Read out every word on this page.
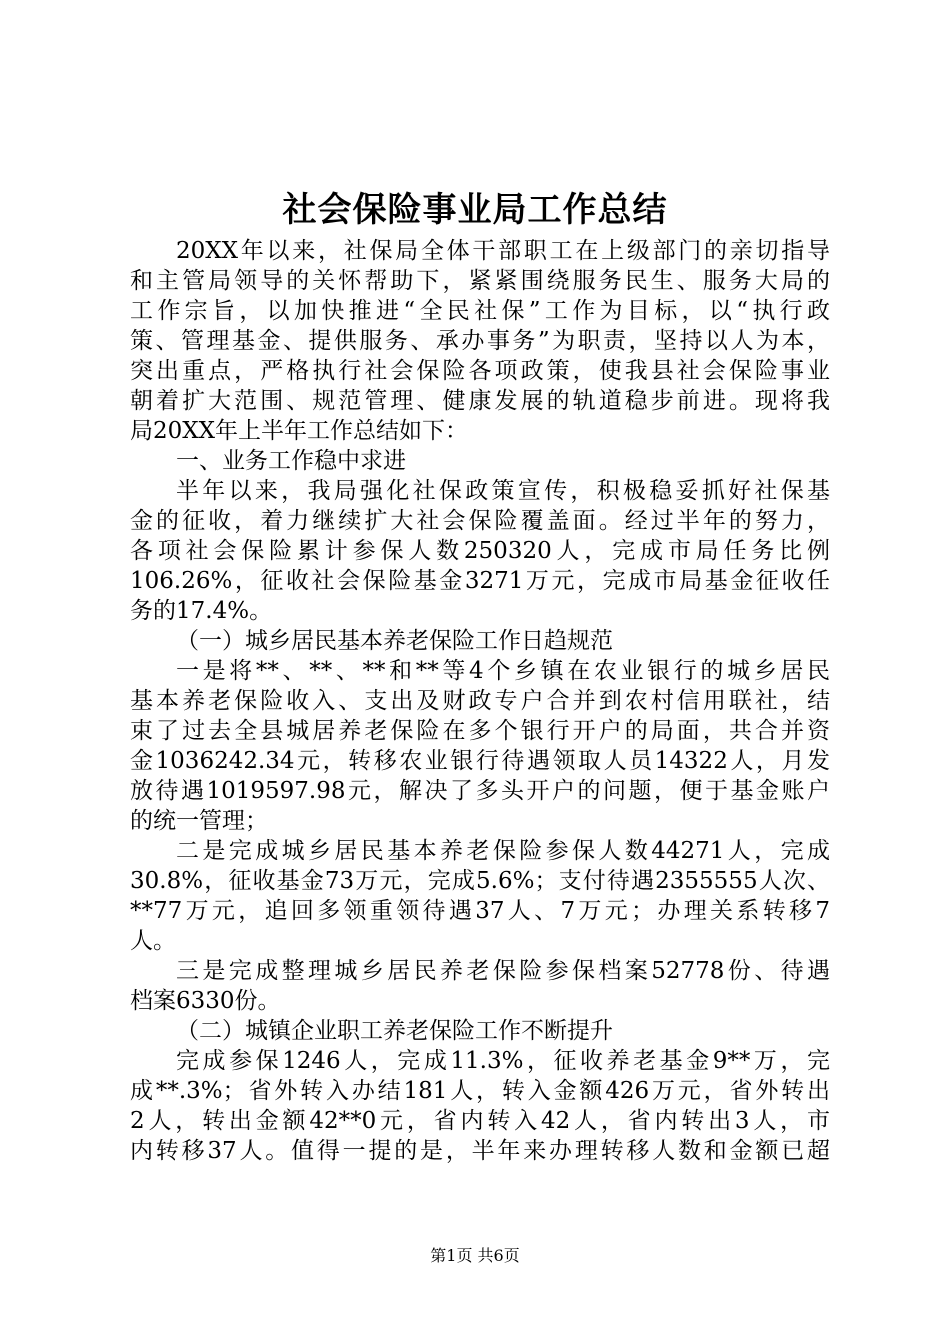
社会保险事业局工作总结
20XX年以来，社保局全体干部职工在上级部门的亲切指导
和主管局领导的关怀帮助下，紧紧围绕服务民生、服务大局的
工作宗旨，以加快推进“全民社保”工作为目标，以“执行政
策、管理基金、提供服务、承办事务”为职责，坚持以人为本，
突出重点，严格执行社会保险各项政策，使我县社会保险事业
朝着扩大范围、规范管理、健康发展的轨道稳步前进。现将我
局20XX年上半年工作总结如下：
一、业务工作稳中求进
半年以来，我局强化社保政策宣传，积极稳妥抓好社保基
金的征收，着力继续扩大社会保险覆盖面。经过半年的努力，
各项社会保险累计参保人数250320人，完成市局任务比例
106.26%，征收社会保险基金3271万元，完成市局基金征收任
务的17.4%。
（一）城乡居民基本养老保险工作日趋规范
一是将**、**、**和**等4个乡镇在农业银行的城乡居民
基本养老保险收入、支出及财政专户合并到农村信用联社，结
束了过去全县城居养老保险在多个银行开户的局面，共合并资
金1036242.34元，转移农业银行待遇领取人员14322人，月发
放待遇1019597.98元，解决了多头开户的问题，便于基金账户
的统一管理；
二是完成城乡居民基本养老保险参保人数44271人，完成
30.8%，征收基金73万元，完成5.6%；支付待遇2355555人次、
**77万元，追回多领重领待遇37人、7万元；办理关系转移7
人。
三是完成整理城乡居民养老保险参保档案52778份、待遇
档案6330份。
（二）城镇企业职工养老保险工作不断提升
完成参保1246人，完成11.3%，征收养老基金9**万，完
成**.3%；省外转入办结181人，转入金额426万元，省外转出
2人，转出金额42**0元，省内转入42人，省内转出3人，市
内转移37人。值得一提的是，半年来办理转移人数和金额已超
第1页 共6页
